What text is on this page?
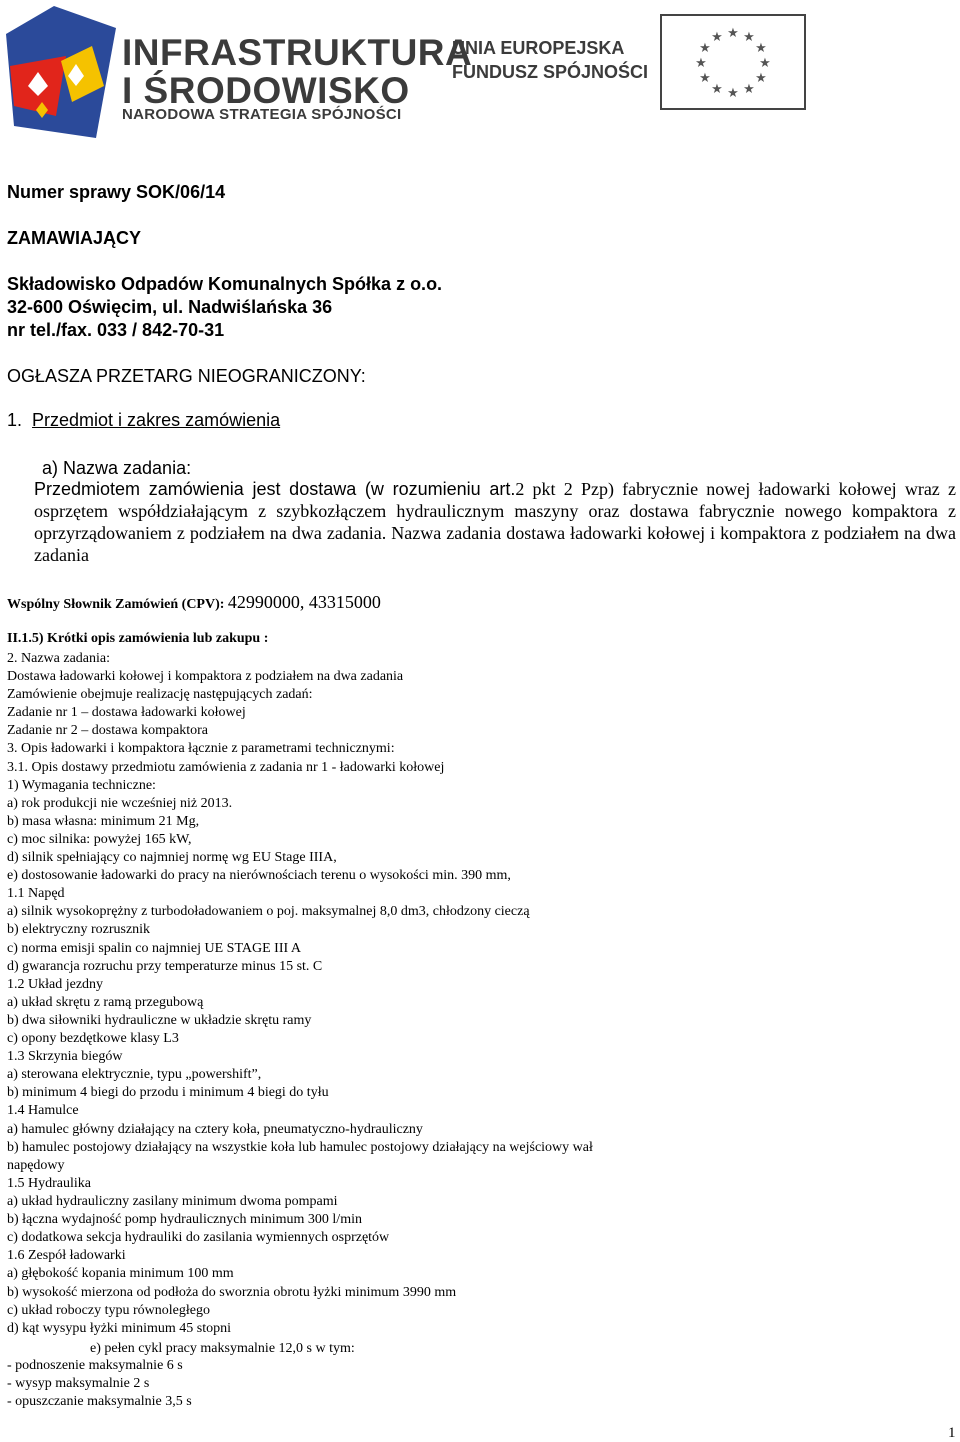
INFRASTRUKTURA
I ŚRODOWISKO
NARODOWA STRATEGIA SPÓJNOŚCI
UNIA EUROPEJSKA
FUNDUSZ SPÓJNOŚCI
★ ★
★
★
★
★
★
★
★
★
★
★
Numer sprawy SOK/06/14
ZAMAWIAJĄCY
Składowisko Odpadów Komunalnych Spółka z o.o.
32-600 Oświęcim, ul. Nadwiślańska 36
nr tel./fax. 033 / 842-70-31
OGŁASZA PRZETARG NIEOGRANICZONY:
1. Przedmiot i zakres zamówienia
a) Nazwa zadania:
Przedmiotem zamówienia jest dostawa (w rozumieniu art.2 pkt 2 Pzp) fabrycznie nowej ładowarki kołowej wraz z osprzętem współdziałającym z szybkozłączem hydraulicznym maszyny oraz dostawa fabrycznie nowego kompaktora z oprzyrządowaniem z podziałem na dwa zadania. Nazwa zadania dostawa ładowarki kołowej i kompaktora z podziałem na dwa zadania
Wspólny Słownik Zamówień (CPV): 42990000, 43315000
II.1.5) Krótki opis zamówienia lub zakupu :
2. Nazwa zadania:
Dostawa ładowarki kołowej i kompaktora z podziałem na dwa zadania
Zamówienie obejmuje realizację następujących zadań:
Zadanie nr 1 – dostawa ładowarki kołowej
Zadanie nr 2 – dostawa kompaktora
3. Opis ładowarki i kompaktora łącznie z parametrami technicznymi:
3.1. Opis dostawy przedmiotu zamówienia z zadania nr 1 - ładowarki kołowej
1) Wymagania techniczne:
a) rok produkcji nie wcześniej niż 2013.
b) masa własna: minimum 21 Mg,
c) moc silnika: powyżej 165 kW,
d) silnik spełniający co najmniej normę wg EU Stage IIIA,
e) dostosowanie ładowarki do pracy na nierównościach terenu o wysokości min. 390 mm,
1.1 Napęd
a) silnik wysokoprężny z turbodoładowaniem o poj. maksymalnej 8,0 dm3, chłodzony cieczą
b) elektryczny rozrusznik
c) norma emisji spalin co najmniej UE STAGE III A
d) gwarancja rozruchu przy temperaturze minus 15 st. C
1.2 Układ jezdny
a) układ skrętu z ramą przegubową
b) dwa siłowniki hydrauliczne w układzie skrętu ramy
c) opony bezdętkowe klasy L3
1.3 Skrzynia biegów
a) sterowana elektrycznie, typu „powershift”,
b) minimum 4 biegi do przodu i minimum 4 biegi do tyłu
1.4 Hamulce
a) hamulec główny działający na cztery koła, pneumatyczno-hydrauliczny
b) hamulec postojowy działający na wszystkie koła lub hamulec postojowy działający na wejściowy wał
napędowy
1.5 Hydraulika
a) układ hydrauliczny zasilany minimum dwoma pompami
b) łączna wydajność pomp hydraulicznych minimum 300 l/min
c) dodatkowa sekcja hydrauliki do zasilania wymiennych osprzętów
1.6 Zespół ładowarki
a) głębokość kopania minimum 100 mm
b) wysokość mierzona od podłoża do sworznia obrotu łyżki minimum 3990 mm
c) układ roboczy typu równoległego
d) kąt wysypu łyżki minimum 45 stopni
e) pełen cykl pracy maksymalnie 12,0 s w tym:
- podnoszenie maksymalnie 6 s
- wysyp maksymalnie 2 s
- opuszczanie maksymalnie 3,5 s
1
